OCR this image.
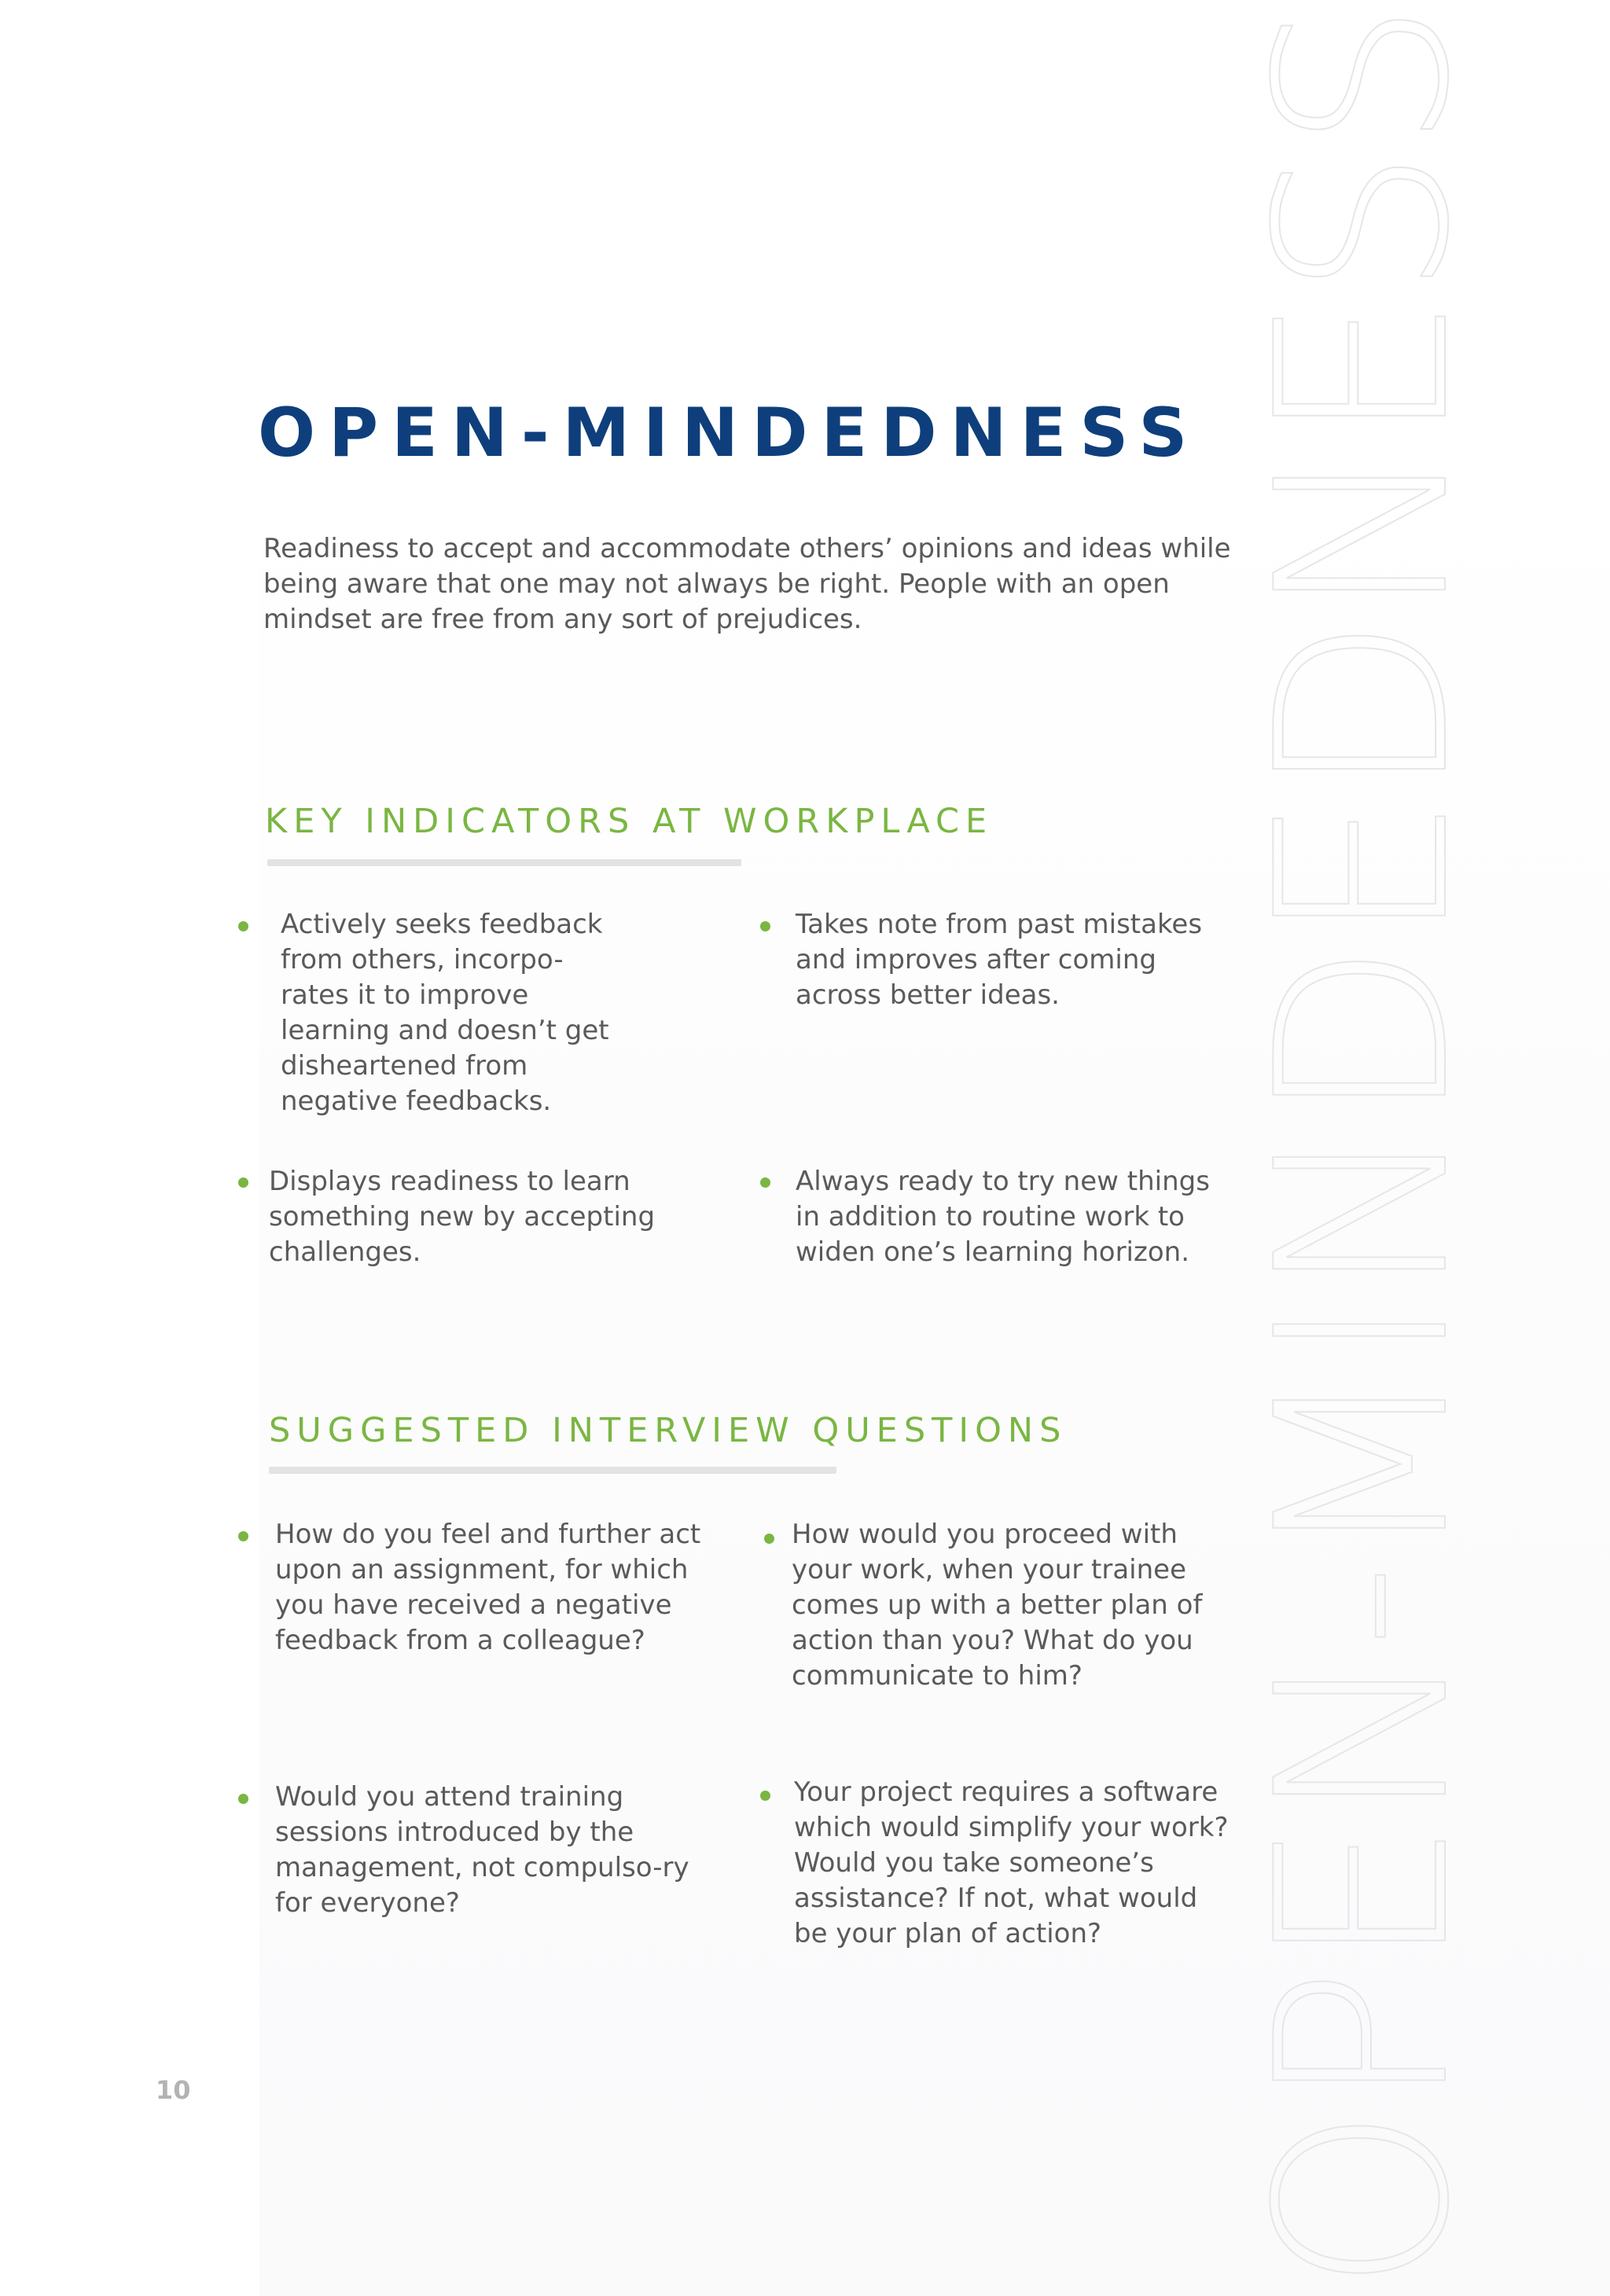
OPEN-MINDEDNESS
OPEN-MINDEDNESS

Readiness to accept and accommodate others’ opinions and ideas while being aware that one may not always be right. People with an open mindset are free from any sort of prejudices.

KEY INDICATORS AT WORKPLACE
Actively seeks feedback from others, incorpo-rates it to improve learning and doesn’t get disheartened from negative feedbacks.
Takes note from past mistakes and improves after coming across better ideas.
Displays readiness to learn something new by accepting challenges.
Always ready to try new things in addition to routine work to widen one’s learning horizon.
SUGGESTED INTERVIEW QUESTIONS
How do you feel and further act upon an assignment, for which you have received a negative feedback from a colleague?
How would you proceed with your work, when your trainee comes up with a better plan of action than you? What do you communicate to him?
Would you attend training sessions introduced by the management, not compulso-ry for everyone?
Your project requires a software which would simplify your work? Would you take someone’s assistance? If not, what would be your plan of action?
10
